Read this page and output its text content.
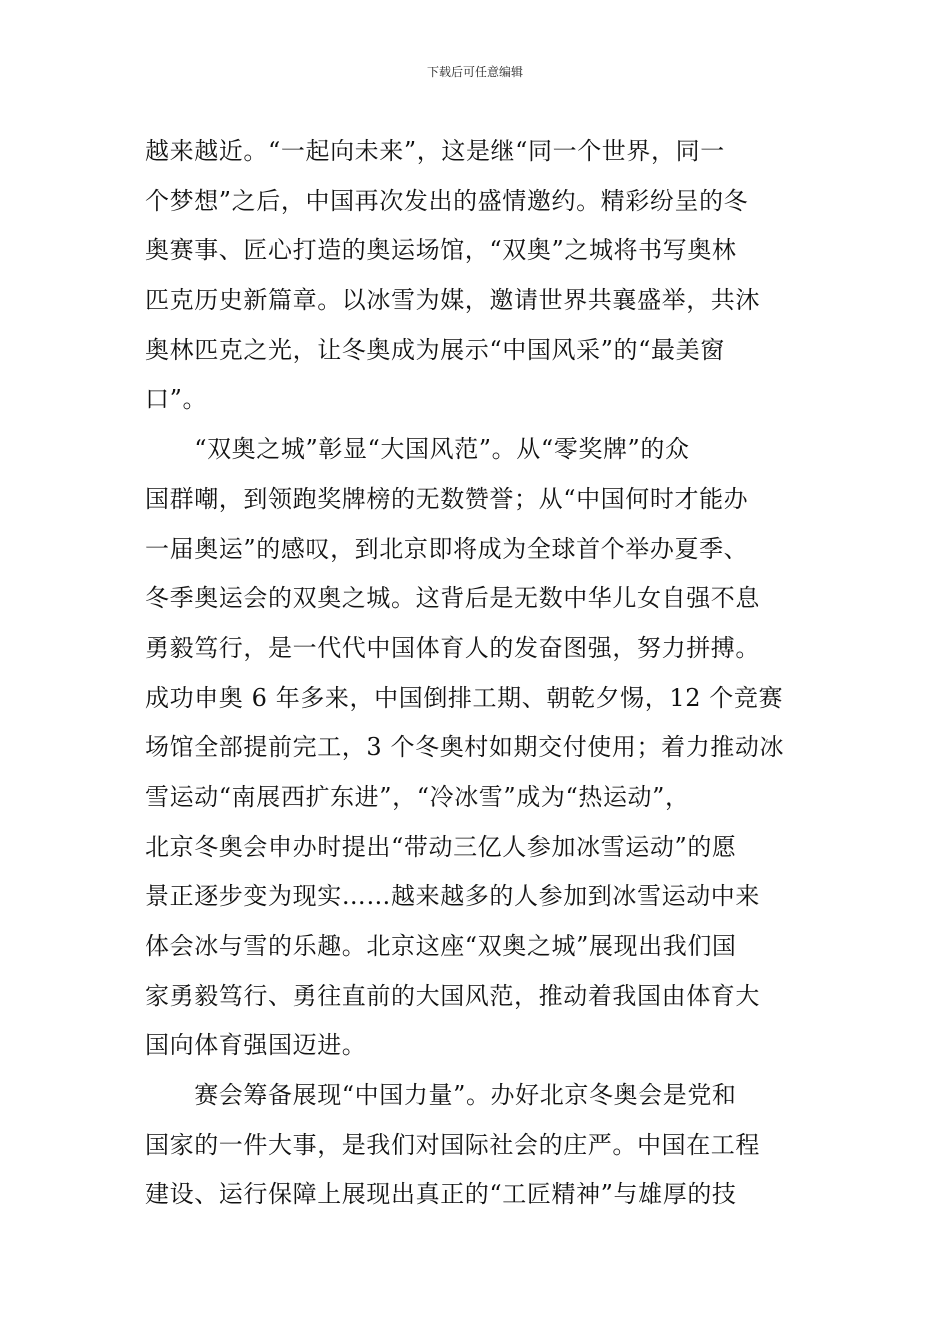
下载后可任意编辑
越来越近。“一起向未来”，这是继“同一个世界，同一
个梦想”之后，中国再次发出的盛情邀约。精彩纷呈的冬
奥赛事、匠心打造的奥运场馆，“双奥”之城将书写奥林
匹克历史新篇章。以冰雪为媒，邀请世界共襄盛举，共沐
奥林匹克之光，让冬奥成为展示“中国风采”的“最美窗
口”。
　　“双奥之城”彰显“大国风范”。从“零奖牌”的众
国群嘲，到领跑奖牌榜的无数赞誉；从“中国何时才能办
一届奥运”的感叹，到北京即将成为全球首个举办夏季、
冬季奥运会的双奥之城。这背后是无数中华儿女自强不息
勇毅笃行，是一代代中国体育人的发奋图强，努力拼搏。
成功申奥 6 年多来，中国倒排工期、朝乾夕惕，12 个竞赛
场馆全部提前完工，3 个冬奥村如期交付使用；着力推动冰
雪运动“南展西扩东进”，“冷冰雪”成为“热运动”，
北京冬奥会申办时提出“带动三亿人参加冰雪运动”的愿
景正逐步变为现实……越来越多的人参加到冰雪运动中来
体会冰与雪的乐趣。北京这座“双奥之城”展现出我们国
家勇毅笃行、勇往直前的大国风范，推动着我国由体育大
国向体育强国迈进。
　　赛会筹备展现“中国力量”。办好北京冬奥会是党和
国家的一件大事，是我们对国际社会的庄严。中国在工程
建设、运行保障上展现出真正的“工匠精神”与雄厚的技
